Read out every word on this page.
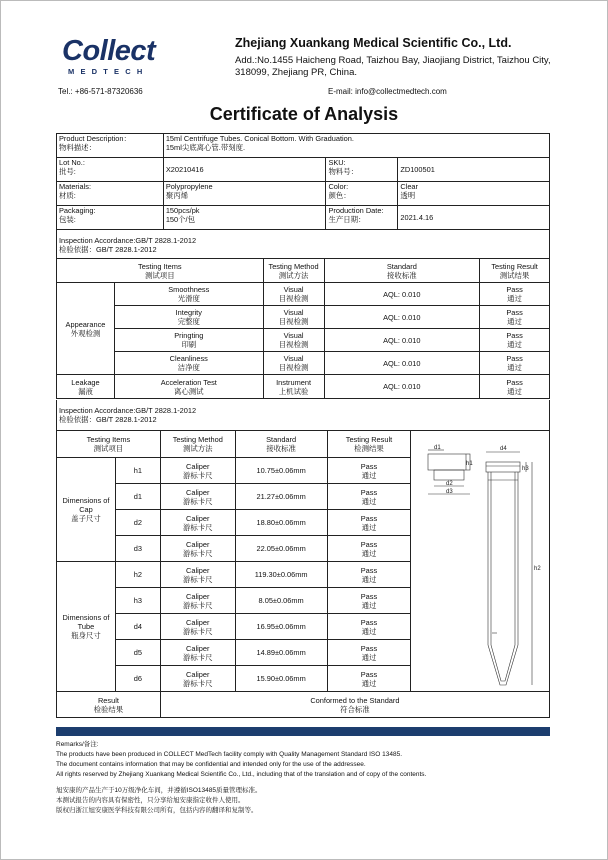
Collect
MEDTECH
Zhejiang Xuankang Medical Scientific Co., Ltd.
Add.:No.1455 Haicheng Road, Taizhou Bay, Jiaojiang District, Taizhou City, 318099, Zhejiang PR, China.
Tel.: +86-571-87320636	E-mail: info@collectmedtech.com
Certificate of Analysis
Product Description：
物料描述：	15ml Centrifuge Tubes. Conical Bottom. With Graduation.
15ml尖底离心管.带刻度.		
Lot No.:
批号:	X20210416	SKU:
物料号：	ZD100501
Materials:
材质:	Polypropylene
聚丙烯	Color:
颜色：	Clear
透明
Packaging:
包装:	150pcs/pk
150个/包	Production Date:
生产日期：	2021.4.16
Inspection Accordance:GB/T 2828.1-2012
检验依据：GB/T 2828.1-2012
Testing Items
测试项目		Testing Method
测试方法	Standard
接收标准	Testing Result
测试结果
Appearance
外观检测	Smoothness
光滑度	Visual
目视检测	AQL: 0.010	Pass
通过
	Integrity
完整度	Visual
目视检测	AQL: 0.010	Pass
通过
	Pringting
印刷	Visual
目视检测	AQL: 0.010	Pass
通过
	Cleanliness
洁净度	Visual
目视检测	AQL: 0.010	Pass
通过
Leakage
漏液	Acceleration Test
离心测试	Instrument
上机试验	AQL: 0.010	Pass
通过
Inspection Accordance:GB/T 2828.1-2012
检验依据：GB/T 2828.1-2012
Testing Items
测试项目		Testing Method
测试方法	Standard
接收标准	Testing Result
检测结果	
Dimensions of
Cap
盖子尺寸	h1	Caliper
游标卡尺	10.75±0.06mm	Pass
通过	
	d1	Caliper
游标卡尺	21.27±0.06mm	Pass
通过	
	d2	Caliper
游标卡尺	18.80±0.06mm	Pass
通过	
	d3	Caliper
游标卡尺	22.05±0.06mm	Pass
通过	
Dimensions of
Tube
瓶身尺寸	h2	Caliper
游标卡尺	119.30±0.06mm	Pass
通过	
	h3	Caliper
游标卡尺	8.05±0.06mm	Pass
通过	
	d4	Caliper
游标卡尺	16.95±0.06mm	Pass
通过	
	d5	Caliper
游标卡尺	14.89±0.06mm	Pass
通过	
	d6	Caliper
游标卡尺	15.90±0.06mm	Pass
通过	
Result
检验结果		Conformed to the Standard
符合标准			
d1
d2
d3
h1
d4
h2
h3
Remarks/备注:
The products have been produced in COLLECT MedTech facility comply with Quality Management Standard ISO 13485.
The document contains information that may be confidential and intended only for the use of the addressee.
All rights reserved by Zhejiang Xuankang Medical Scientific Co., Ltd., including that of the translation and of copy of the contents.
旭安康的产品生产于10万级净化车间，并遵循ISO13485质量管理标准。
本测试报告的内容具有保密性，只分享给旭安康指定收件人使用。
版权归浙江旭安康医学科技有限公司所有，包括内容的翻译和复制等。
